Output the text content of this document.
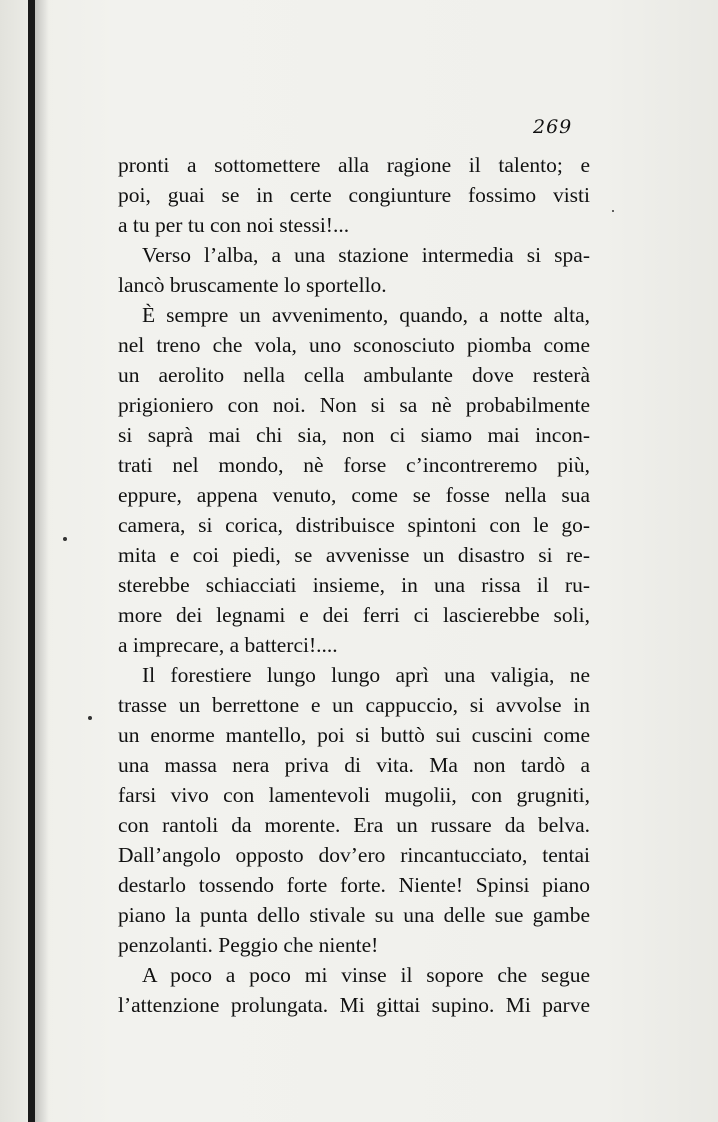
269
pronti a sottomettere alla ragione il talento; e
poi, guai se in certe congiunture fossimo visti
a tu per tu con noi stessi!...
Verso l’alba, a una stazione intermedia si spa-
lancò bruscamente lo sportello.
È sempre un avvenimento, quando, a notte alta,
nel treno che vola, uno sconosciuto piomba come
un aerolito nella cella ambulante dove resterà
prigioniero con noi. Non si sa nè probabilmente
si saprà mai chi sia, non ci siamo mai incon-
trati nel mondo, nè forse c’incontreremo più,
eppure, appena venuto, come se fosse nella sua
camera, si corica, distribuisce spintoni con le go-
mita e coi piedi, se avvenisse un disastro si re-
sterebbe schiacciati insieme, in una rissa il ru-
more dei legnami e dei ferri ci lascierebbe soli,
a imprecare, a batterci!....
Il forestiere lungo lungo aprì una valigia, ne
trasse un berrettone e un cappuccio, si avvolse in
un enorme mantello, poi si buttò sui cuscini come
una massa nera priva di vita. Ma non tardò a
farsi vivo con lamentevoli mugolii, con grugniti,
con rantoli da morente. Era un russare da belva.
Dall’angolo opposto dov’ero rincantucciato, tentai
destarlo tossendo forte forte. Niente! Spinsi piano
piano la punta dello stivale su una delle sue gambe
penzolanti. Peggio che niente!
A poco a poco mi vinse il sopore che segue
l’attenzione prolungata. Mi gittai supino. Mi parve
